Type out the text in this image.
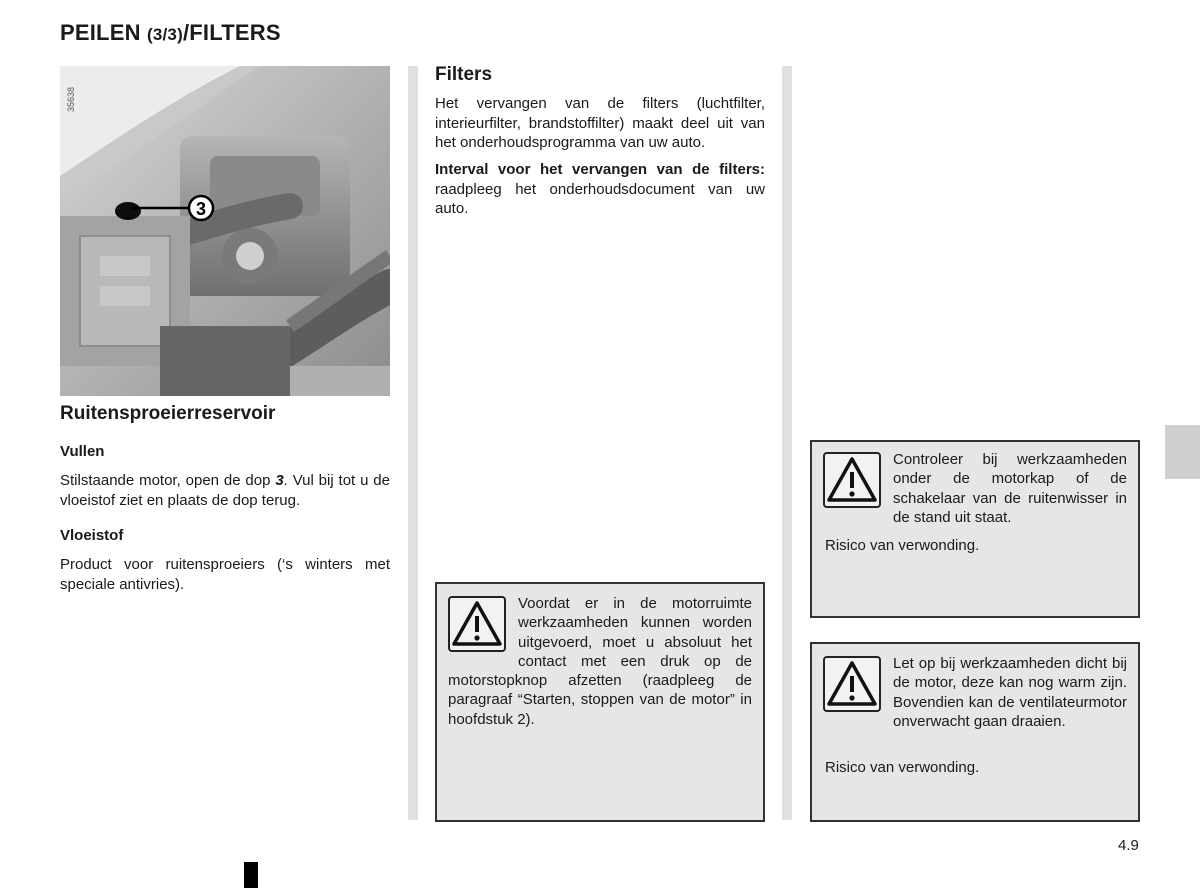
PEILEN (3/3)/FILTERS
3
35638
Ruitensproeierreservoir
Vullen
Stilstaande motor, open de dop 3. Vul bij tot u de vloeistof ziet en plaats de dop terug.
Vloeistof
Product voor ruitensproeiers (‘s winters met speciale antivries).
Filters
Het vervangen van de filters (luchtfilter, interieurfilter, brandstoffilter) maakt deel uit van het onderhoudsprogramma van uw auto.
Interval voor het vervangen van de filters: raadpleeg het onderhoudsdocument van uw auto.
Voordat er in de motorruimte werkzaamheden kunnen worden uitgevoerd, moet u absoluut het contact met een druk op de motorstopknop afzetten (raadpleeg de paragraaf “Starten, stoppen van de motor” in hoofdstuk 2).
Controleer bij werkzaamheden onder de motorkap of de schakelaar van de ruitenwisser in de stand uit staat.
Risico van verwonding.
Let op bij werkzaamheden dicht bij de motor, deze kan nog warm zijn. Bovendien kan de ventilateurmotor onverwacht gaan draaien.
Risico van verwonding.
4.9
